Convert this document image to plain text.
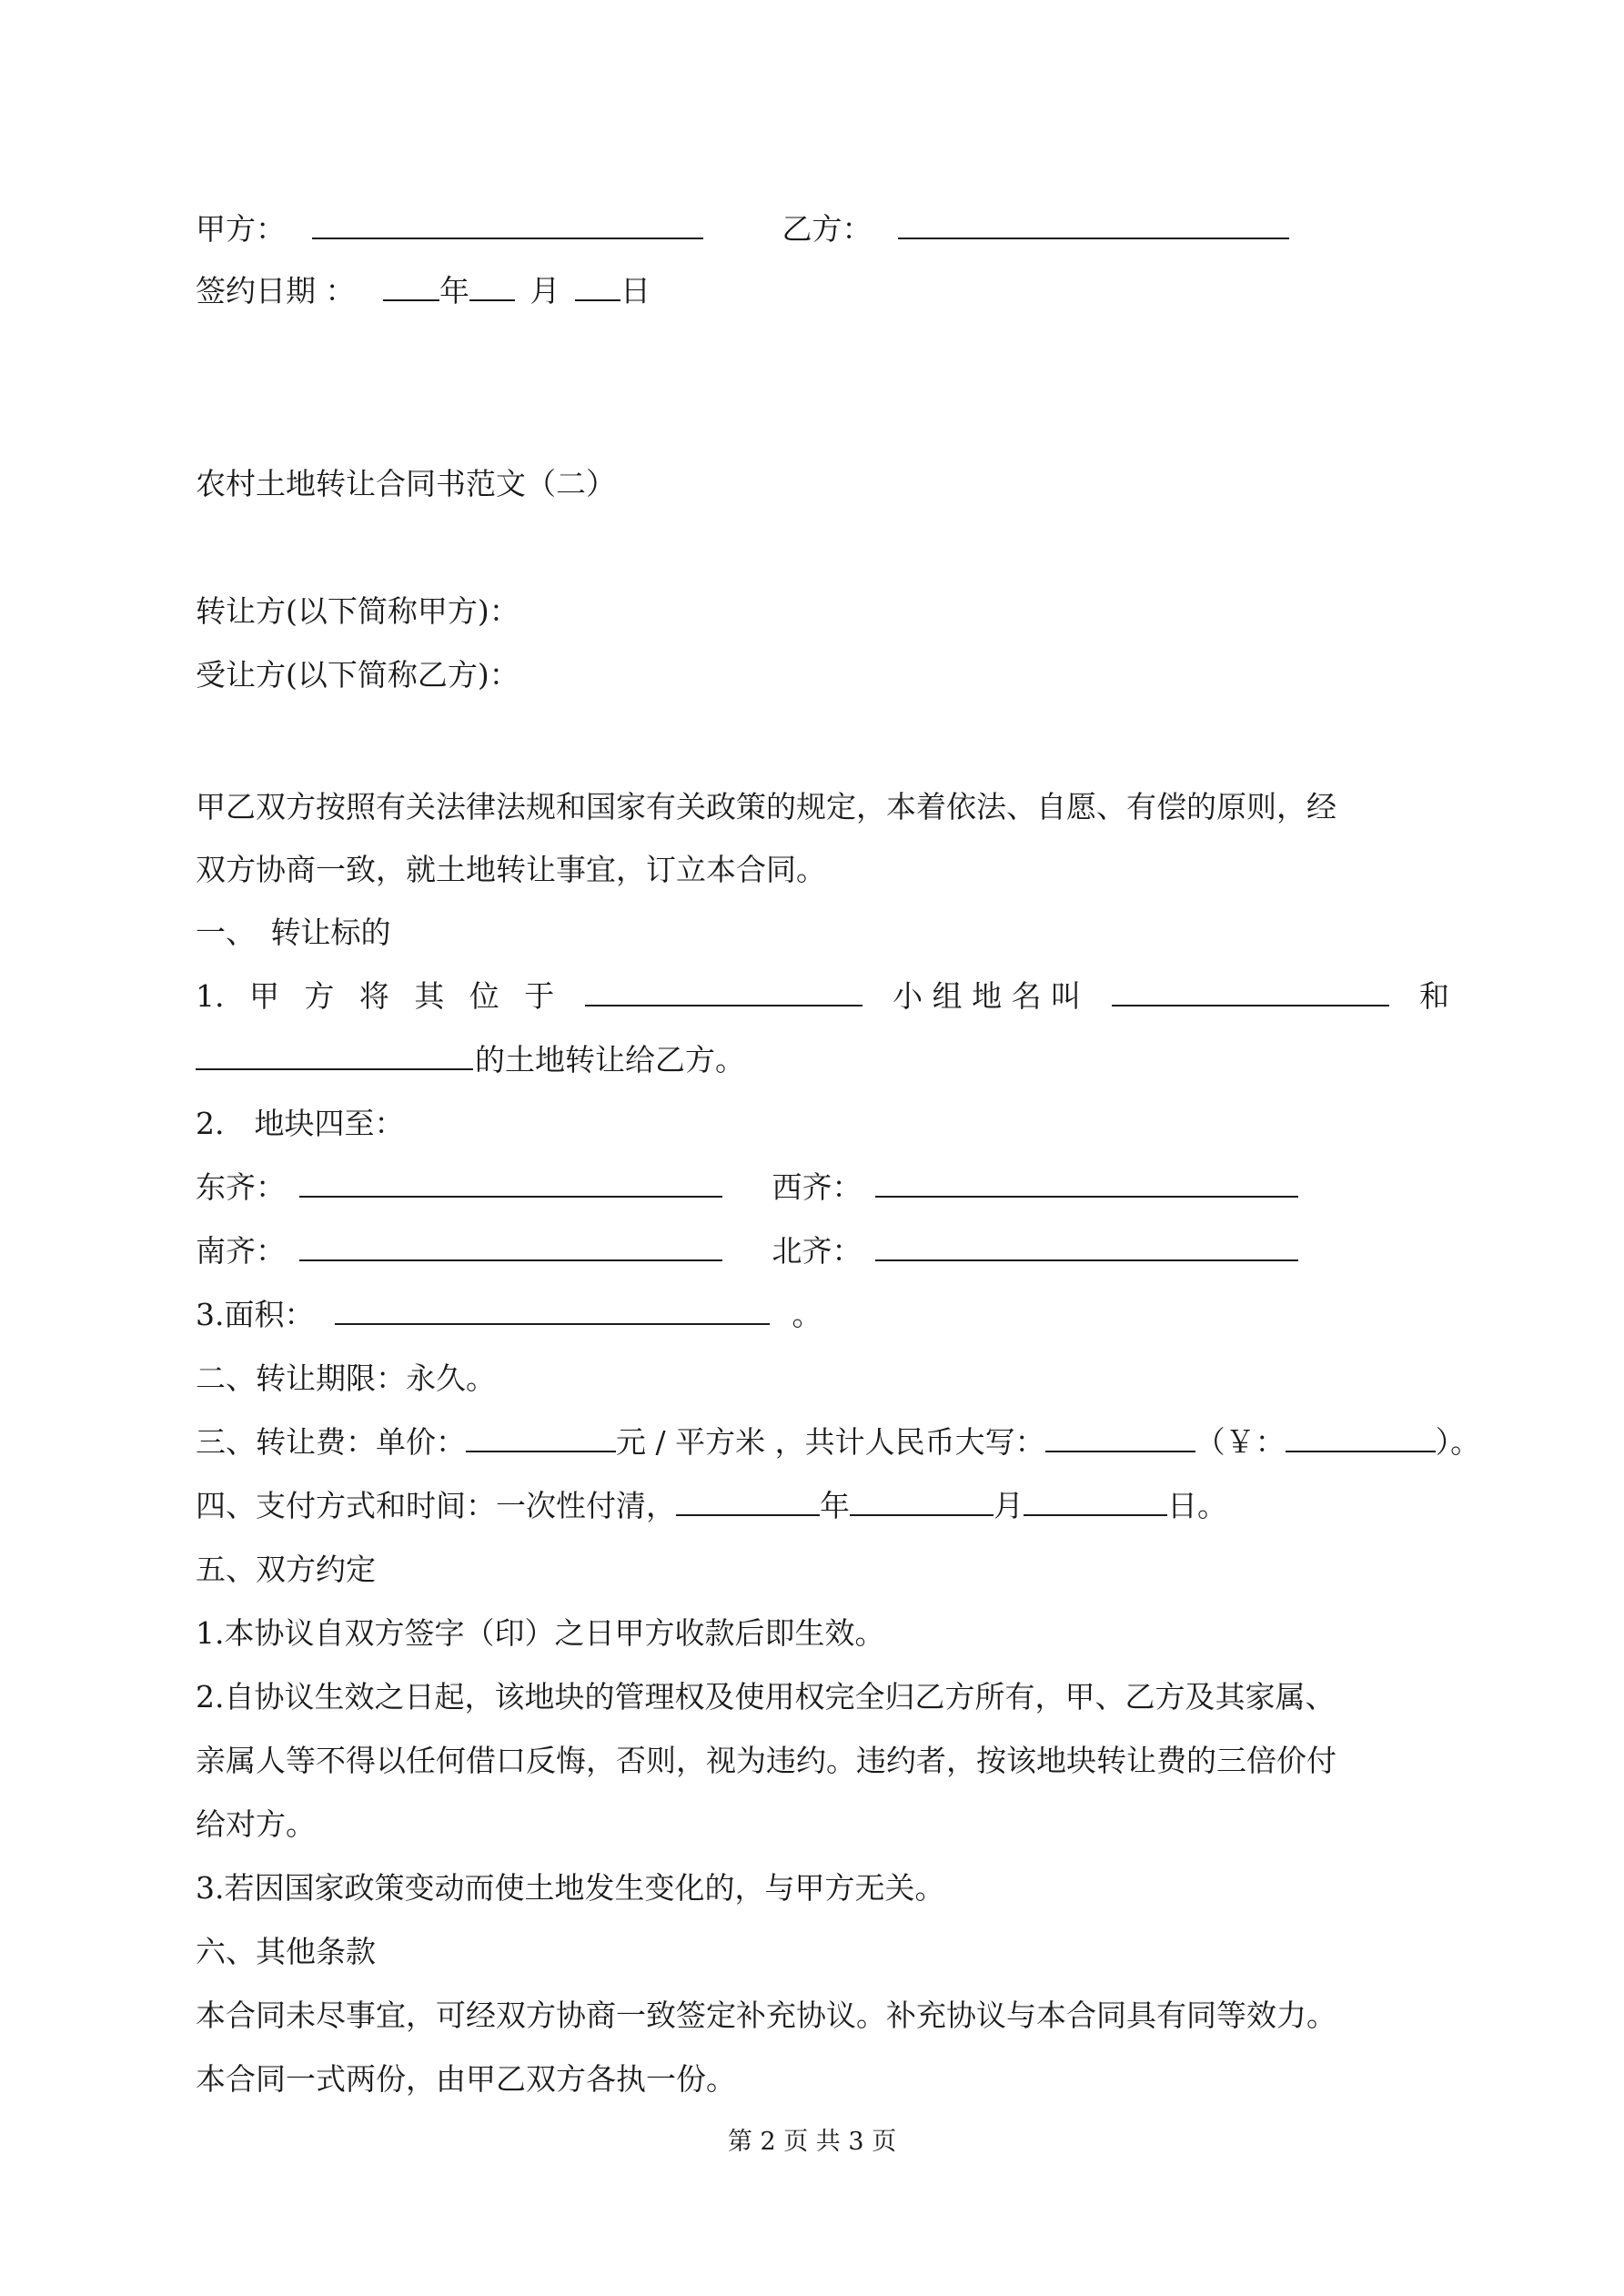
甲方：	乙方：
签约日期 ：	年 月 日
农村土地转让合同书范文（二）
转让方(以下简称甲方)：
受让方(以下简称乙方)：
甲乙双方按照有关法律法规和国家有关政策的规定，本着依法、自愿、有偿的原则，经
双方协商一致，就土地转让事宜，订立本合同。
一、　转让标的
1. 甲 方 将 其 位 于	小 组 地 名 叫	和
的土地转让给乙方。
2.　地块四至：
东齐：	西齐：
南齐：	北齐：
3.面积：	。
二、转让期限：永久。
三、转让费：单价：	元 / 平方米 ，共计人民币大写：	（￥：	）。
四、支付方式和时间：一次性付清，	年	月	日。
五、双方约定
1.本协议自双方签字（印）之日甲方收款后即生效。
2.自协议生效之日起，该地块的管理权及使用权完全归乙方所有，甲、乙方及其家属、
亲属人等不得以任何借口反悔，否则，视为违约。违约者，按该地块转让费的三倍价付
给对方。
3.若因国家政策变动而使土地发生变化的，与甲方无关。
六、其他条款
本合同未尽事宜，可经双方协商一致签定补充协议。补充协议与本合同具有同等效力。
本合同一式两份，由甲乙双方各执一份。
第 2 页 共 3 页
